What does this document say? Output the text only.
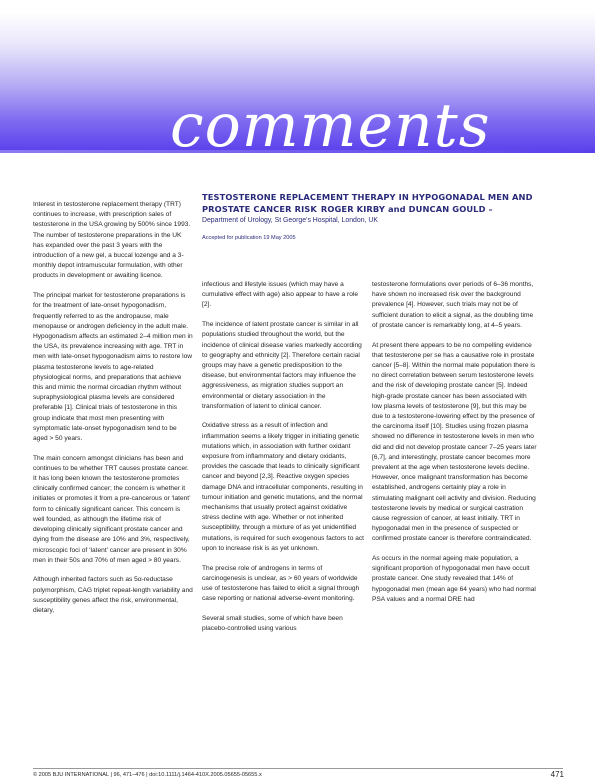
comments

Interest in testosterone replacement therapy (TRT) continues to increase, with prescription sales of testosterone in the USA growing by 500% since 1993. The number of testosterone preparations in the UK has expanded over the past 3 years with the introduction of a new gel, a buccal lozenge and a 3-monthly depot intramuscular formulation, with other products in development or awaiting licence.

The principal market for testosterone preparations is for the treatment of late-onset hypogonadism, frequently referred to as the andropause, male menopause or androgen deficiency in the adult male. Hypogonadism affects an estimated 2–4 million men in the USA, its prevalence increasing with age. TRT in men with late-onset hypogonadism aims to restore low plasma testosterone levels to age-related physiological norms, and preparations that achieve this and mimic the normal circadian rhythm without supraphysiological plasma levels are considered preferable [1]. Clinical trials of testosterone in this group indicate that most men presenting with symptomatic late-onset hypogonadism tend to be aged > 50 years.

The main concern amongst clinicians has been and continues to be whether TRT causes prostate cancer. It has long been known the testosterone promotes clinically confirmed cancer; the concern is whether it initiates or promotes it from a pre-cancerous or ‘latent’ form to clinically significant cancer. This concern is well founded, as although the lifetime risk of developing clinically significant prostate cancer and dying from the disease are 10% and 3%, respectively, microscopic foci of ‘latent’ cancer are present in 30% men in their 50s and 70% of men aged > 80 years.

Although inherited factors such as 5α-reductase polymorphism, CAG triplet repeat-length variability and susceptibility genes affect the risk, environmental, dietary,

TESTOSTERONE REPLACEMENT THERAPY IN HYPOGONADAL MEN AND PROSTATE CANCER RISK ROGER KIRBY and DUNCAN GOULD –

Department of Urology, St George’s Hospital, London, UK
Accepted for publication 19 May 2005

infectious and lifestyle issues (which may have a cumulative effect with age) also appear to have a role [2].

The incidence of latent prostate cancer is similar in all populations studied throughout the world, but the incidence of clinical disease varies markedly according to geography and ethnicity [2]. Therefore certain racial groups may have a genetic predisposition to the disease, but environmental factors may influence the aggressiveness, as migration studies support an environmental or dietary association in the transformation of latent to clinical cancer.

Oxidative stress as a result of infection and inflammation seems a likely trigger in initiating genetic mutations which, in association with further oxidant exposure from inflammatory and dietary oxidants, provides the cascade that leads to clinically significant cancer and beyond [2,3]. Reactive oxygen species damage DNA and intracellular components, resulting in tumour initiation and genetic mutations, and the normal mechanisms that usually protect against oxidative stress decline with age. Whether or not inherited susceptibility, through a mixture of as yet unidentified mutations, is required for such exogenous factors to act upon to increase risk is as yet unknown.

The precise role of androgens in terms of carcinogenesis is unclear, as > 60 years of worldwide use of testosterone has failed to elicit a signal through case reporting or national adverse-event monitoring.

Several small studies, some of which have been placebo-controlled using various

testosterone formulations over periods of 6–36 months, have shown no increased risk over the background prevalence [4]. However, such trials may not be of sufficient duration to elicit a signal, as the doubling time of prostate cancer is remarkably long, at 4–5 years.

At present there appears to be no compelling evidence that testosterone per se has a causative role in prostate cancer [5–8]. Within the normal male population there is no direct correlation between serum testosterone levels and the risk of developing prostate cancer [5]. Indeed high-grade prostate cancer has been associated with low plasma levels of testosterone [9], but this may be due to a testosterone-lowering effect by the presence of the carcinoma itself [10]. Studies using frozen plasma showed no difference in testosterone levels in men who did and did not develop prostate cancer 7–25 years later [6,7], and interestingly, prostate cancer becomes more prevalent at the age when testosterone levels decline. However, once malignant transformation has become established, androgens certainly play a role in stimulating malignant cell activity and division. Reducing testosterone levels by medical or surgical castration cause regression of cancer, at least initially. TRT in hypogonadal men in the presence of suspected or confirmed prostate cancer is therefore contraindicated.

As occurs in the normal ageing male population, a significant proportion of hypogonadal men have occult prostate cancer. One study revealed that 14% of hypogonadal men (mean age 64 years) who had normal PSA values and a normal DRE had

© 2005 BJU INTERNATIONAL | 96, 471–476 | doi:10.1111/j.1464-410X.2005.05655-05655.x	471
